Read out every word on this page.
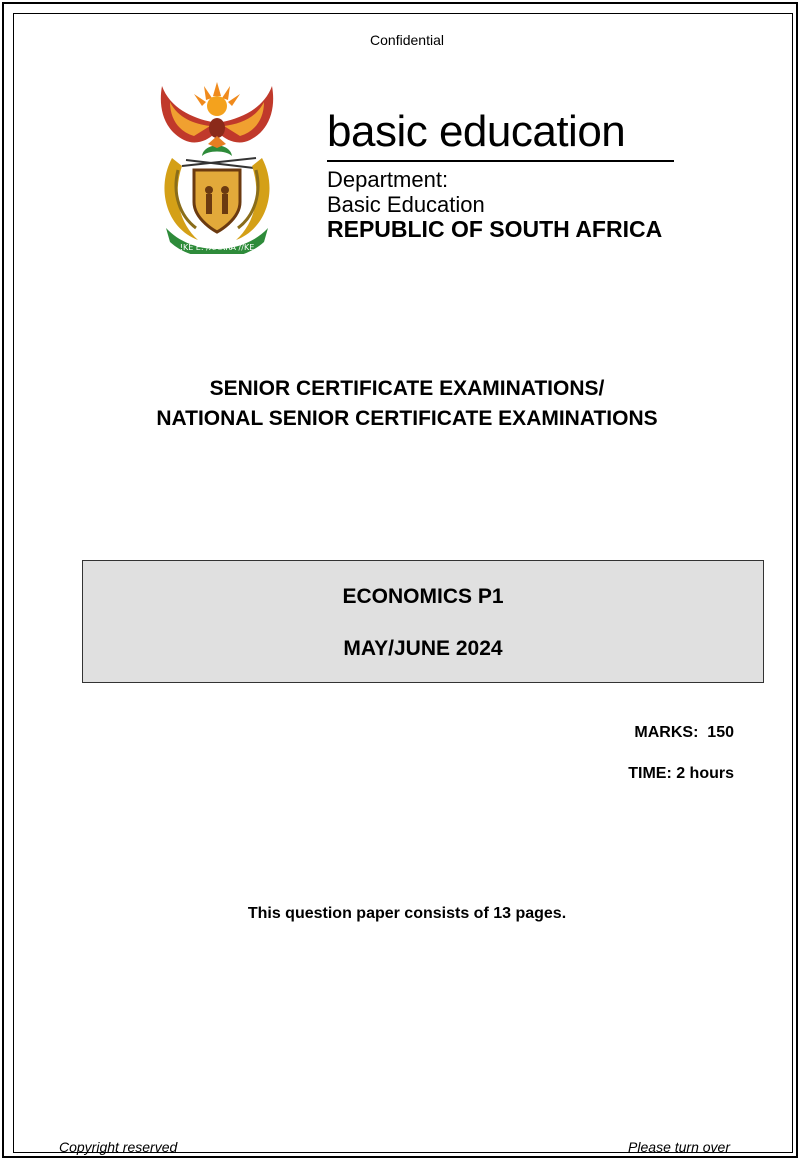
Confidential
!KE E: /XARRA //KE
basic education
Department:
Basic Education
REPUBLIC OF SOUTH AFRICA
SENIOR CERTIFICATE EXAMINATIONS/
NATIONAL SENIOR CERTIFICATE EXAMINATIONS
ECONOMICS P1
MAY/JUNE 2024
MARKS:  150
TIME: 2 hours
This question paper consists of 13 pages.
Copyright reserved	Please turn over
